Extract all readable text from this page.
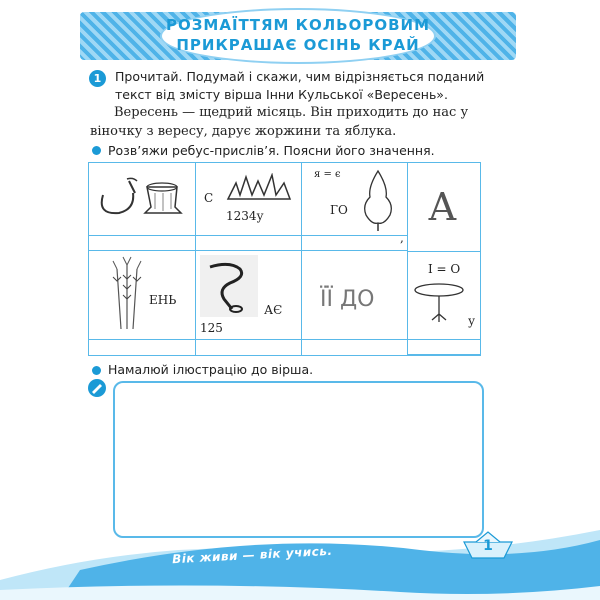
РОЗМАЇТТЯМ КОЛЬОРОВИМ
ПРИКРАШАЄ ОСІНЬ КРАЙ
1	Прочитай. Подумай і скажи, чим відрізняється поданий текст від змісту вірша Інни Кульської «Вересень».
Вересень — щедрий місяць. Він приходить до нас у віночку з вересу, дарує жоржини та яблука.
Розв’яжи ребус-прислів’я. Поясни його значення.
С
1234у
я = є
ГО
,
А
ЕНЬ
АЄ
125
ЇЇ ДО
І = О
у
Намалюй ілюстрацію до вірша.
Вік живи — вік учись.	1
